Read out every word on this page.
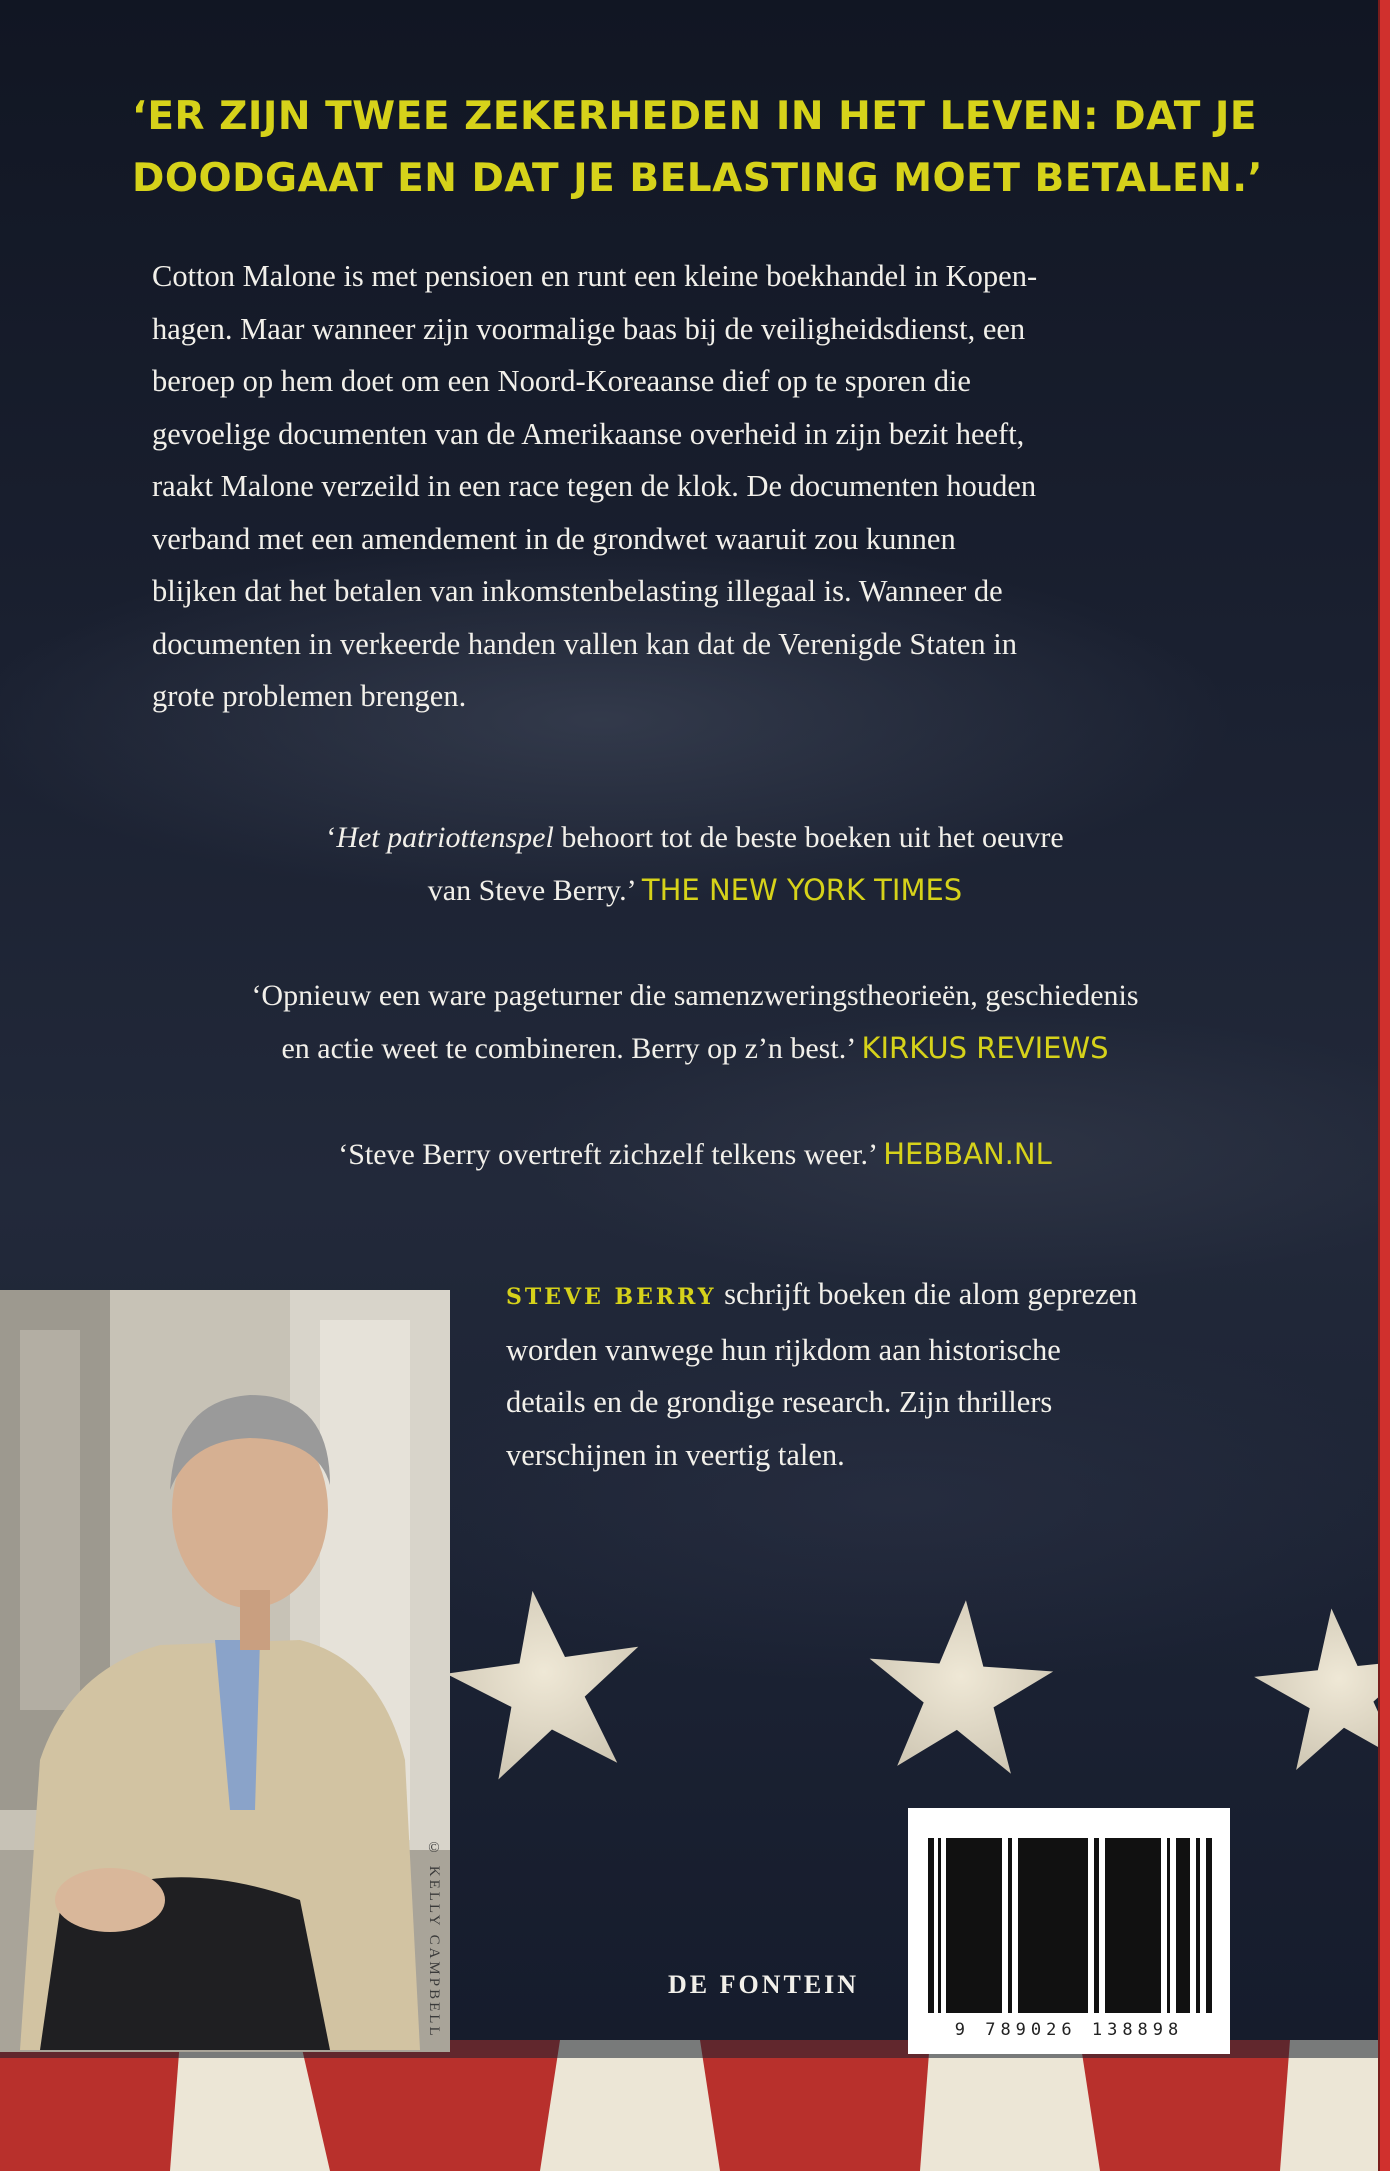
‘ER ZIJN TWEE ZEKERHEDEN IN HET LEVEN: DAT JE
DOODGAAT EN DAT JE BELASTING MOET BETALEN.’
Cotton Malone is met pensioen en runt een kleine boekhandel in Kopen-
hagen. Maar wanneer zijn voormalige baas bij de veiligheidsdienst, een
beroep op hem doet om een Noord-Koreaanse dief op te sporen die
gevoelige documenten van de Amerikaanse overheid in zijn bezit heeft,
raakt Malone verzeild in een race tegen de klok. De documenten houden
verband met een amendement in de grondwet waaruit zou kunnen
blijken dat het betalen van inkomstenbelasting illegaal is. Wanneer de
documenten in verkeerde handen vallen kan dat de Verenigde Staten in
grote problemen brengen.
‘Het patriottenspel behoort tot de beste boeken uit het oeuvre
van Steve Berry.’ THE NEW YORK TIMES
‘Opnieuw een ware pageturner die samenzweringstheorieën, geschiedenis
en actie weet te combineren. Berry op z’n best.’ KIRKUS REVIEWS
‘Steve Berry overtreft zichzelf telkens weer.’ HEBBAN.NL
© KELLY CAMPBELL
STEVE BERRY schrijft boeken die alom geprezen
worden vanwege hun rijkdom aan historische
details en de grondige research. Zijn thrillers
verschijnen in veertig talen.
DE FONTEIN
9 789026 138898
